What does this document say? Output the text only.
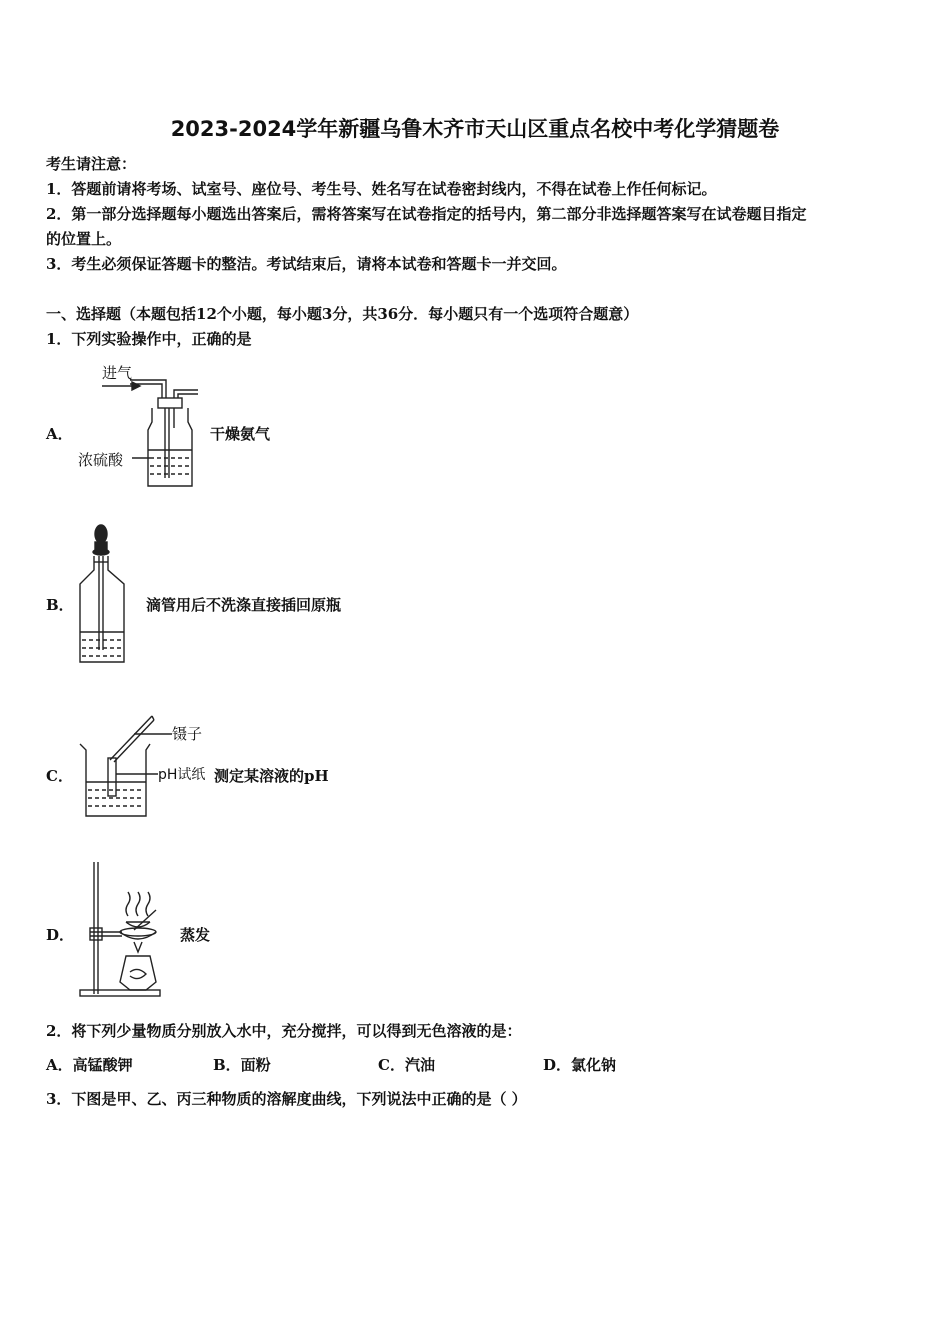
2023-2024学年新疆乌鲁木齐市天山区重点名校中考化学猜题卷
考生请注意：
1．答题前请将考场、试室号、座位号、考生号、姓名写在试卷密封线内，不得在试卷上作任何标记。
2．第一部分选择题每小题选出答案后，需将答案写在试卷指定的括号内，第二部分非选择题答案写在试卷题目指定
的位置上。
3．考生必须保证答题卡的整洁。考试结束后，请将本试卷和答题卡一并交回。
一、选择题（本题包括12个小题，每小题3分，共36分．每小题只有一个选项符合题意）
1．下列实验操作中，正确的是
A．
进气
浓硫酸
干燥氨气
B．	滴管用后不洗涤直接插回原瓶
C．
镊子
pH试纸 测定某溶液的pH
D．	蒸发
2．将下列少量物质分别放入水中，充分搅拌，可以得到无色溶液的是：
A．高锰酸钾	B．面粉	C．汽油	D．氯化钠
3．下图是甲、乙、丙三种物质的溶解度曲线，下列说法中正确的是（ ）
